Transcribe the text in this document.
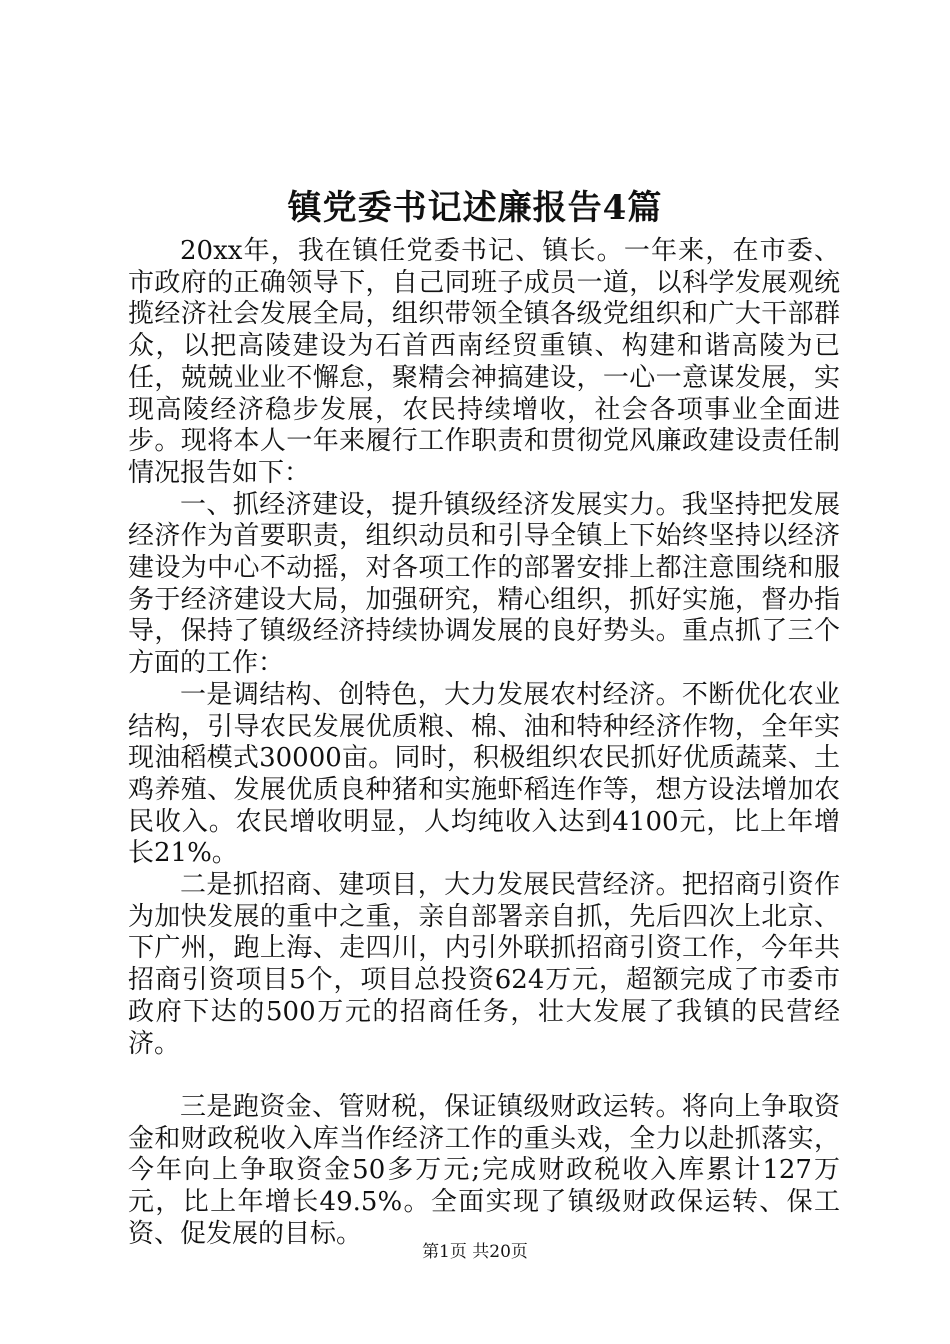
镇党委书记述廉报告4篇

20xx年，我在镇任党委书记、镇长。一年来，在市委、市政府的正确领导下，自己同班子成员一道，以科学发展观统揽经济社会发展全局，组织带领全镇各级党组织和广大干部群众，以把高陵建设为石首西南经贸重镇、构建和谐高陵为已任，兢兢业业不懈怠，聚精会神搞建设，一心一意谋发展，实现高陵经济稳步发展，农民持续增收，社会各项事业全面进步。现将本人一年来履行工作职责和贯彻党风廉政建设责任制情况报告如下：

一、抓经济建设，提升镇级经济发展实力。我坚持把发展经济作为首要职责，组织动员和引导全镇上下始终坚持以经济建设为中心不动摇，对各项工作的部署安排上都注意围绕和服务于经济建设大局，加强研究，精心组织，抓好实施，督办指导，保持了镇级经济持续协调发展的良好势头。重点抓了三个方面的工作：

一是调结构、创特色，大力发展农村经济。不断优化农业结构，引导农民发展优质粮、棉、油和特种经济作物，全年实现油稻模式30000亩。同时，积极组织农民抓好优质蔬菜、土鸡养殖、发展优质良种猪和实施虾稻连作等，想方设法增加农民收入。农民增收明显，人均纯收入达到4100元，比上年增长21%。

二是抓招商、建项目，大力发展民营经济。把招商引资作为加快发展的重中之重，亲自部署亲自抓，先后四次上北京、下广州，跑上海、走四川，内引外联抓招商引资工作，今年共招商引资项目5个，项目总投资624万元，超额完成了市委市政府下达的500万元的招商任务，壮大发展了我镇的民营经济。

三是跑资金、管财税，保证镇级财政运转。将向上争取资金和财政税收入库当作经济工作的重头戏，全力以赴抓落实，今年向上争取资金50多万元;完成财政税收入库累计127万元，比上年增长49.5%。全面实现了镇级财政保运转、保工资、促发展的目标。

第1页 共20页
